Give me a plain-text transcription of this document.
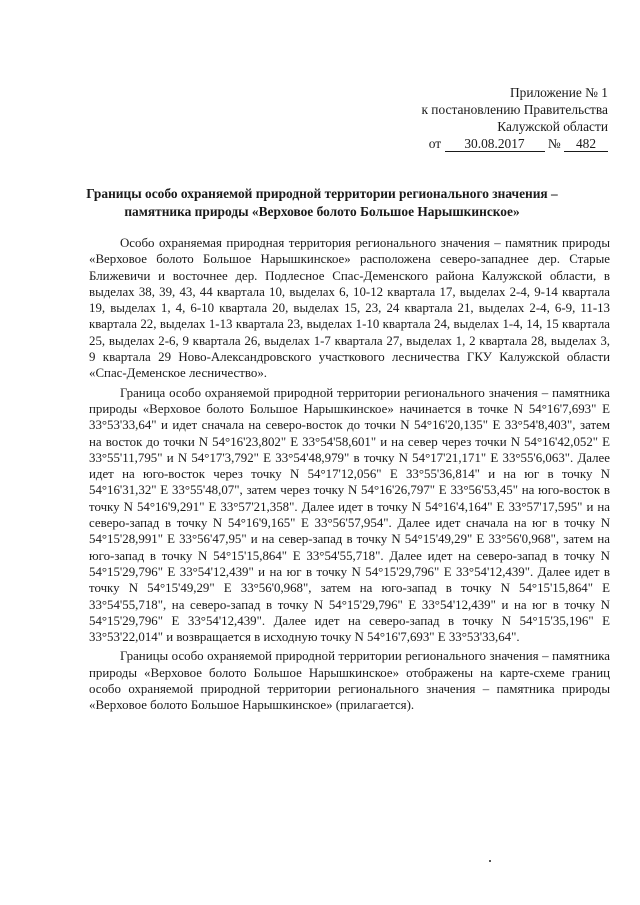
Приложение № 1
к постановлению Правительства
Калужской области
от 30.08.2017 № 482
Границы особо охраняемой природной территории регионального значения – памятника природы «Верховое болото Большое Нарышкинское»

Особо охраняемая природная территория регионального значения – памятник природы «Верховое болото Большое Нарышкинское» расположена северо-западнее дер. Старые Ближевичи и восточнее дер. Подлесное Спас-Деменского района Калужской области, в выделах 38, 39, 43, 44 квартала 10, выделах 6, 10-12 квартала 17, выделах 2-4, 9-14 квартала 19, выделах 1, 4, 6-10 квартала 20, выделах 15, 23, 24 квартала 21, выделах 2-4, 6-9, 11-13 квартала 22, выделах 1-13 квартала 23, выделах 1-10 квартала 24, выделах 1-4, 14, 15 квартала 25, выделах 2-6, 9 квартала 26, выделах 1-7 квартала 27, выделах 1, 2 квартала 28, выделах 3, 9 квартала 29 Ново-Александровского участкового лесничества ГКУ Калужской области «Спас-Деменское лесничество».

Граница особо охраняемой природной территории регионального значения – памятника природы «Верховое болото Большое Нарышкинское» начинается в точке N 54°16'7,693" E 33°53'33,64" и идет сначала на северо-восток до точки N 54°16'20,135" E 33°54'8,403", затем на восток до точки N 54°16'23,802" E 33°54'58,601" и на север через точки N 54°16'42,052" E 33°55'11,795" и N 54°17'3,792" E 33°54'48,979" в точку N 54°17'21,171" E 33°55'6,063". Далее идет на юго-восток через точку N 54°17'12,056" E 33°55'36,814" и на юг в точку N 54°16'31,32" E 33°55'48,07", затем через точку N 54°16'26,797" E 33°56'53,45" на юго-восток в точку N 54°16'9,291" E 33°57'21,358". Далее идет в точку N 54°16'4,164" E 33°57'17,595" и на северо-запад в точку N 54°16'9,165" E 33°56'57,954". Далее идет сначала на юг в точку N 54°15'28,991" E 33°56'47,95" и на север-запад в точку N 54°15'49,29" E 33°56'0,968", затем на юго-запад в точку N 54°15'15,864" E 33°54'55,718". Далее идет на северо-запад в точку N 54°15'29,796" E 33°54'12,439" и на юг в точку N 54°15'29,796" E 33°54'12,439". Далее идет в точку N 54°15'49,29" E 33°56'0,968", затем на юго-запад в точку N 54°15'15,864" E 33°54'55,718", на северо-запад в точку N 54°15'29,796" E 33°54'12,439" и на юг в точку N 54°15'29,796" E 33°54'12,439". Далее идет на северо-запад в точку N 54°15'35,196" E 33°53'22,014" и возвращается в исходную точку N 54°16'7,693" E 33°53'33,64".

Границы особо охраняемой природной территории регионального значения – памятника природы «Верховое болото Большое Нарышкинское» отображены на карте-схеме границ особо охраняемой природной территории регионального значения – памятника природы «Верховое болото Большое Нарышкинское» (прилагается).
